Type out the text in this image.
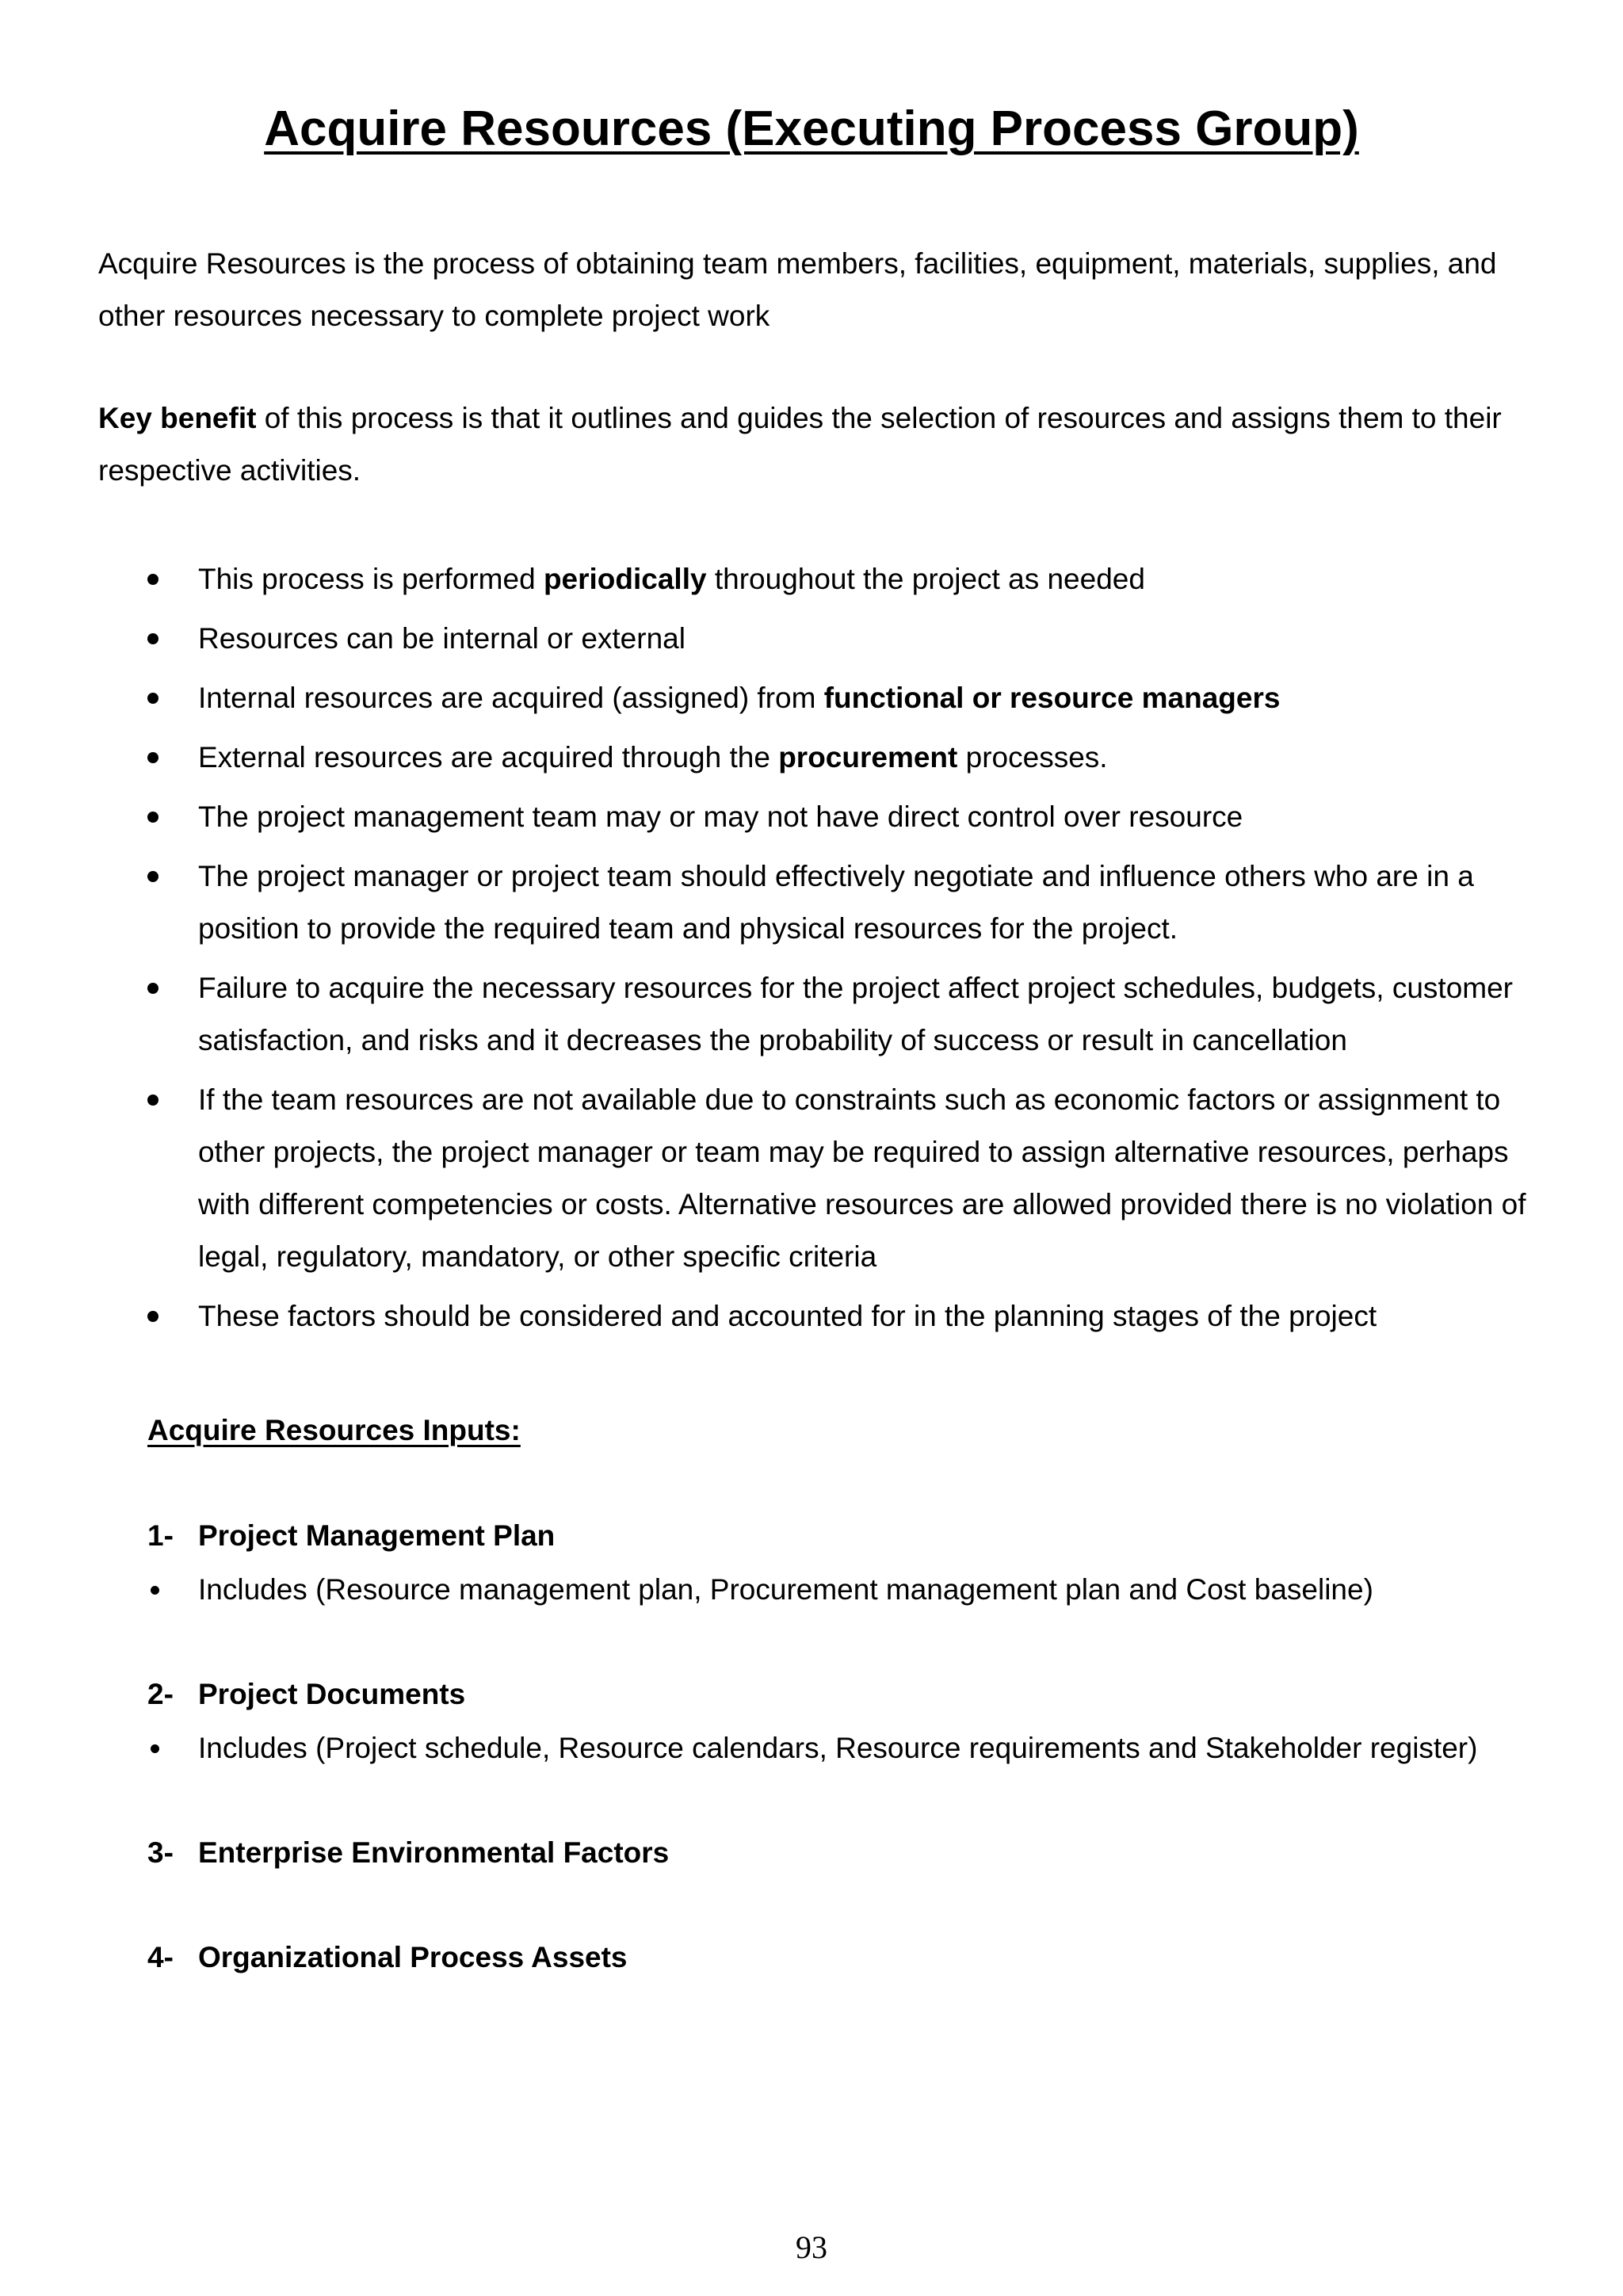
Acquire Resources (Executing Process Group)

Acquire Resources is the process of obtaining team members, facilities, equipment, materials, supplies, and other resources necessary to complete project work

Key benefit of this process is that it outlines and guides the selection of resources and assigns them to their respective activities.

This process is performed periodically throughout the project as needed
Resources can be internal or external
Internal resources are acquired (assigned) from functional or resource managers
External resources are acquired through the procurement processes.
The project management team may or may not have direct control over resource
The project manager or project team should effectively negotiate and influence others who are in a position to provide the required team and physical resources for the project.
Failure to acquire the necessary resources for the project affect project schedules, budgets, customer satisfaction, and risks and it decreases the probability of success or result in cancellation
If the team resources are not available due to constraints such as economic factors or assignment to other projects, the project manager or team may be required to assign alternative resources, perhaps with different competencies or costs. Alternative resources are allowed provided there is no violation of legal, regulatory, mandatory, or other specific criteria
These factors should be considered and accounted for in the planning stages of the project

Acquire Resources Inputs:

1- Project Management Plan
Includes (Resource management plan, Procurement management plan and Cost baseline)
2- Project Documents
Includes (Project schedule, Resource calendars, Resource requirements and Stakeholder register)
3- Enterprise Environmental Factors
4- Organizational Process Assets
93
